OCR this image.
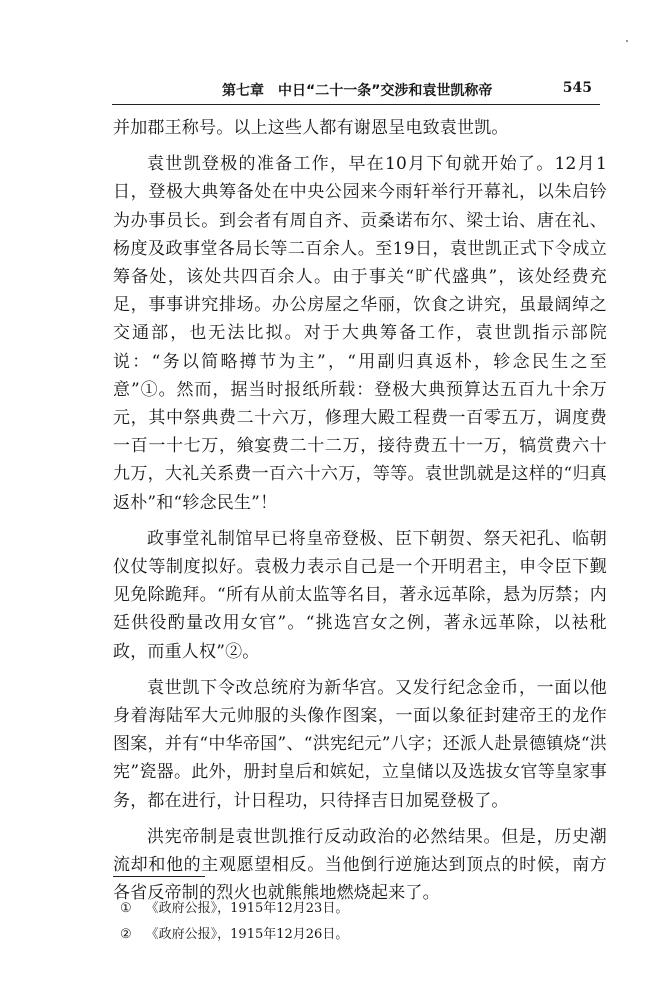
第七章　中日“二十一条”交涉和袁世凯称帝	545

并加郡王称号。以上这些人都有谢恩呈电致袁世凯。

袁世凯登极的准备工作，早在10月下旬就开始了。12月1日，登极大典筹备处在中央公园来今雨轩举行开幕礼，以朱启钤为办事员长。到会者有周自齐、贡桑诺布尔、梁士诒、唐在礼、杨度及政事堂各局长等二百余人。至19日，袁世凯正式下令成立筹备处，该处共四百余人。由于事关“旷代盛典”，该处经费充足，事事讲究排场。办公房屋之华丽，饮食之讲究，虽最阔绰之交通部，也无法比拟。对于大典筹备工作，袁世凯指示部院说：“务以简略撙节为主”，“用副归真返朴，轸念民生之至意”①。然而，据当时报纸所载：登极大典预算达五百九十余万元，其中祭典费二十六万，修理大殿工程费一百零五万，调度费一百一十七万，飨宴费二十二万，接待费五十一万，犒赏费六十九万，大礼关系费一百六十六万，等等。袁世凯就是这样的“归真返朴”和“轸念民生”！

政事堂礼制馆早已将皇帝登极、臣下朝贺、祭天祀孔、临朝仪仗等制度拟好。袁极力表示自己是一个开明君主，申令臣下觐见免除跪拜。“所有从前太监等名目，著永远革除，悬为厉禁；内廷供役酌量改用女官”。“挑选宫女之例，著永远革除，以袪秕政，而重人权”②。

袁世凯下令改总统府为新华宫。又发行纪念金币，一面以他身着海陆军大元帅服的头像作图案，一面以象征封建帝王的龙作图案，并有“中华帝国”、“洪宪纪元”八字；还派人赴景德镇烧“洪宪”瓷器。此外，册封皇后和嫔妃，立皇储以及选拔女官等皇家事务，都在进行，计日程功，只待择吉日加冕登极了。

洪宪帝制是袁世凯推行反动政治的必然结果。但是，历史潮流却和他的主观愿望相反。当他倒行逆施达到顶点的时候，南方各省反帝制的烈火也就熊熊地燃烧起来了。

① 《政府公报》，1915年12月23日。
② 《政府公报》，1915年12月26日。
